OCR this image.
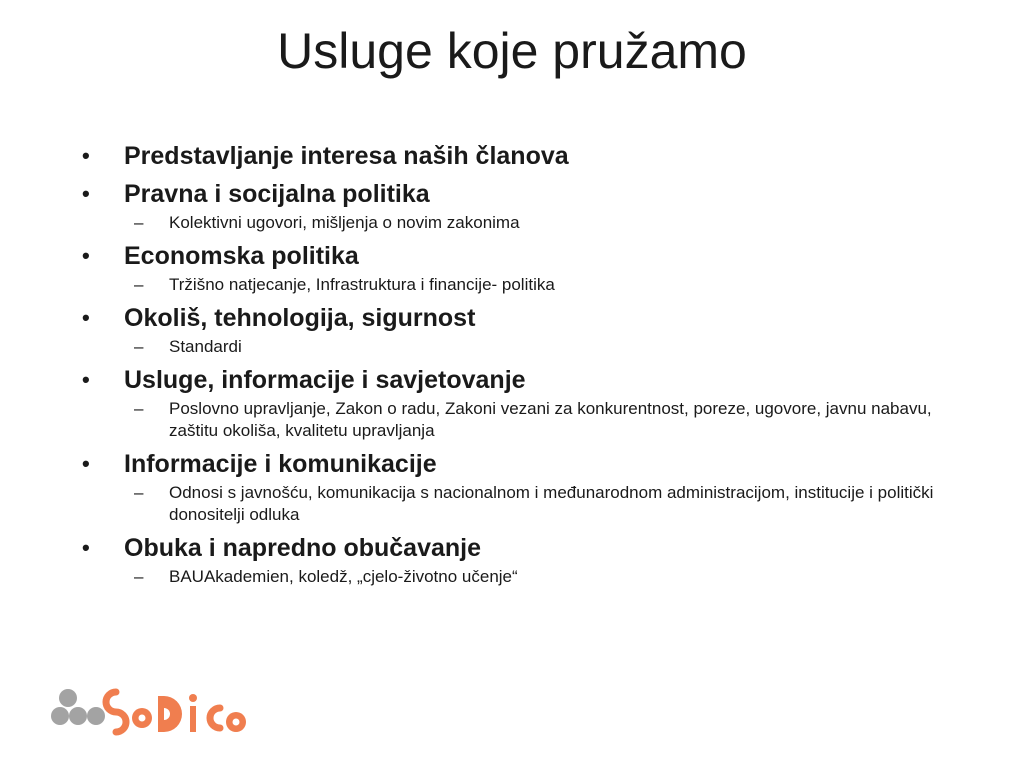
Usluge koje pružamo
•	Predstavljanje interesa naših članova
•	Pravna i socijalna politika
–	Kolektivni ugovori, mišljenja o novim zakonima
•	Economska politika
–	Tržišno natjecanje, Infrastruktura i financije- politika
•	Okoliš, tehnologija, sigurnost
–	Standardi
•	Usluge, informacije i savjetovanje
–	Poslovno upravljanje, Zakon o radu, Zakoni vezani za konkurentnost, poreze, ugovore, javnu nabavu, zaštitu okoliša, kvalitetu upravljanja
•	Informacije i komunikacije
–	Odnosi s javnošću, komunikacija s nacionalnom i međunarodnom administracijom, institucije i politički donositelji odluka
•	Obuka i napredno obučavanje
–	BAUAkademien, koledž, „cjelo-životno učenje“
